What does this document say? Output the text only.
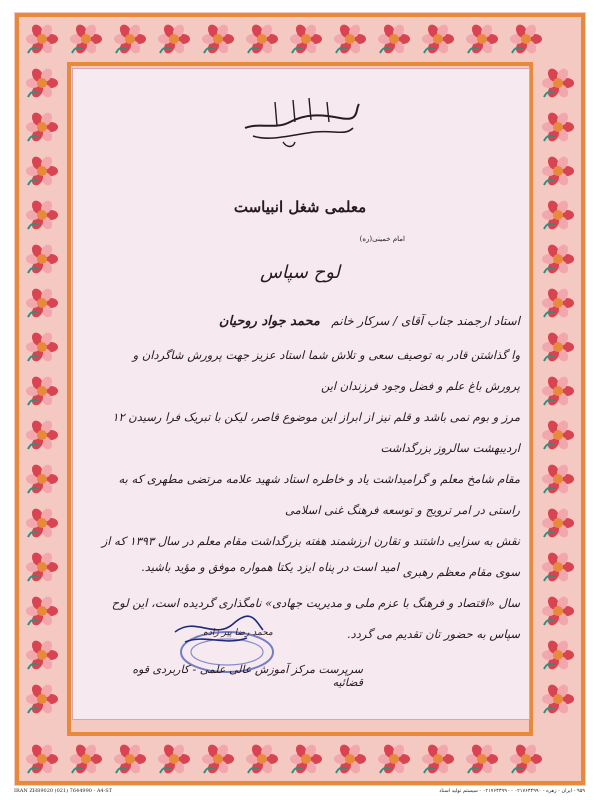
معلمی شغل انبیاست
امام خمینی(ره)
لوح سپاس
استاد ارجمند جناب آقای / سرکار خانم   محمد جواد روحیان
وا گذاشتن قادر به توصیف سعی و تلاش شما استاد عزیز جهت پرورش شاگردان و پرورش باغ علم و فضل وجود فرزندان این
مرز و بوم نمی باشد و قلم نیز از ابراز این موضوع قاصر، لیکن با تبریک فرا رسیدن ۱۲ اردیبهشت سالروز بزرگداشت
مقام شامخ معلم و گرامیداشت یاد و خاطره استاد شهید علامه مرتضی مطهری که به راستی در امر ترویج و توسعه فرهنگ غنی اسلامی
نقش به سزایی داشتند و تقارن ارزشمند هفته بزرگداشت مقام معلم در سال ۱۳۹۳ که از سوی مقام معظم رهبری
سال «اقتصاد و فرهنگ با عزم ملی و مدیریت جهادی» نامگذاری گردیده است، این لوح سپاس به حضور تان تقدیم می گردد.
امید است در پناه ایزد یکتا همواره موفق و مؤید باشید.
محمد رضا پیر زاده
سرپرست مرکز آموزش عالی علمی - کاربردی قوه قضائیه
IRAN ZH89020 (021) 7644990 - A4-ST	۹۵۹ - ایران - زهره - ۰۲۱۷۶۴۴۹۹۰ - ۰۲۱۷۶۴۴۹۹۰ - سیستم تولید اسناد
